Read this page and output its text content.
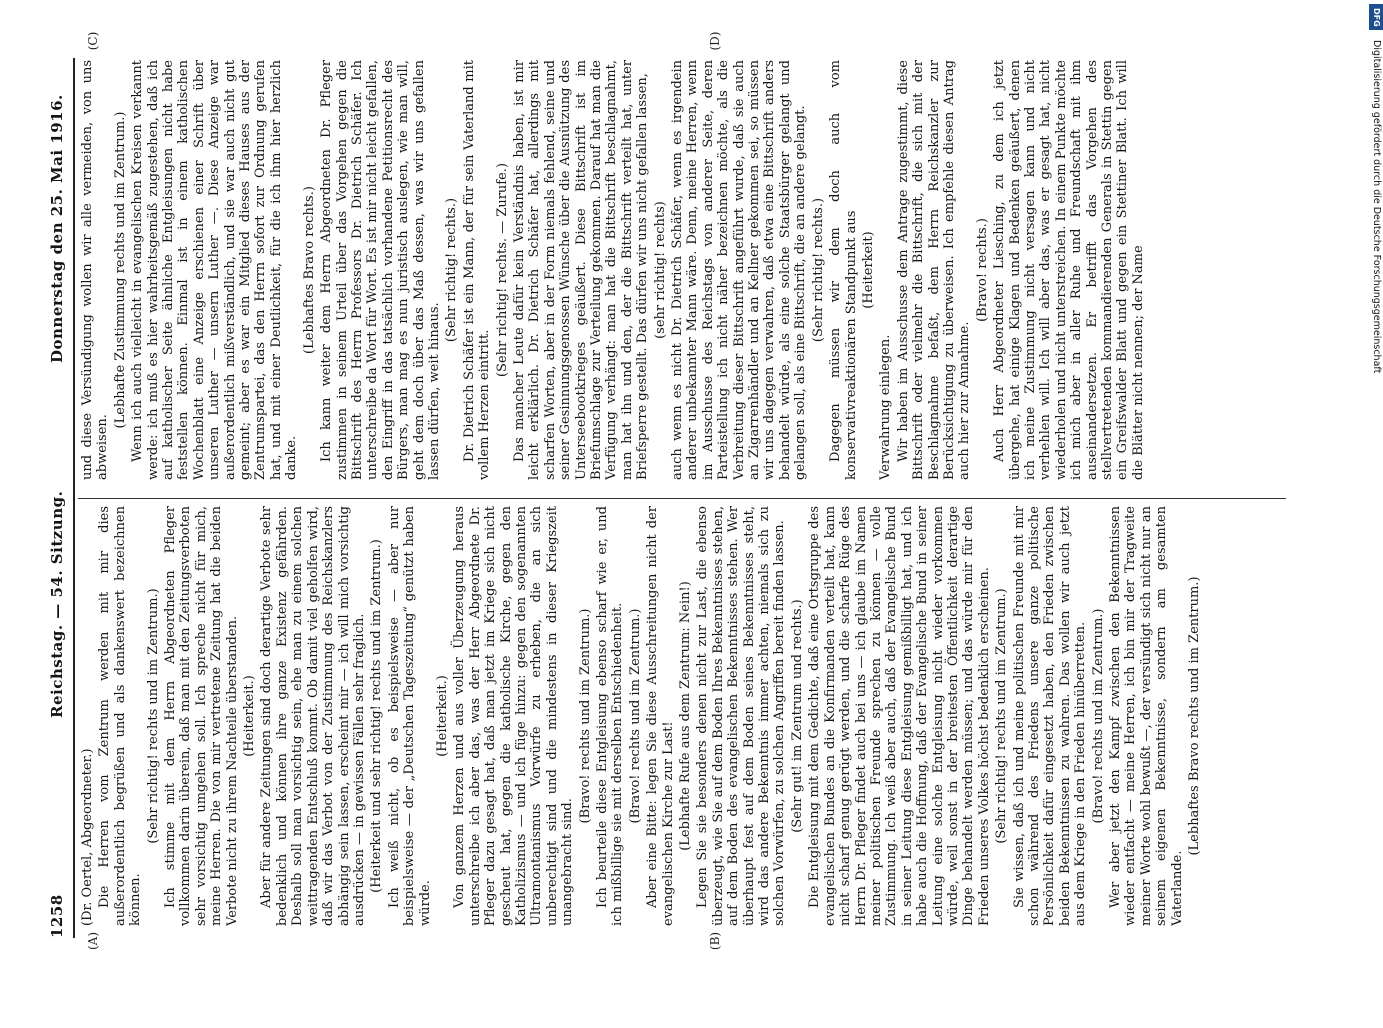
1258
Reichstag. — 54. Sitzung.
Donnerstag den 25. Mai 1916.
(A)	(B)
(C)	(D)

(Dr. Oertel, Abgeordneter.) Die Herren vom Zentrum werden mit mir dies außerordentlich begrüßen und als dankenswert bezeichnen können.

(Sehr richtig! rechts und im Zentrum.) Ich stimme mit dem Herrn Abgeordneten Pfleger vollkommen darin überein, daß man mit den Zeitungsverboten sehr vorsichtig umgehen soll. Ich spreche nicht für mich, meine Herren. Die von mir vertretene Zeitung hat die beiden Verbote nicht zu ihrem Nachteile überstanden. (Heiterkeit.) Aber für andere Zeitungen sind doch derartige Verbote sehr bedenklich und können ihre ganze Existenz gefährden. Deshalb soll man vorsichtig sein, ehe man zu einem solchen weittragenden Entschluß kommt. Ob damit viel geholfen wird, daß wir das Verbot von der Zustimmung des Reichskanzlers abhängig sein lassen, erscheint mir — ich will mich vorsichtig ausdrücken — in gewissen Fällen sehr fraglich. (Heiterkeit und sehr richtig! rechts und im Zentrum.) Ich weiß nicht, ob es beispielsweise — aber nur beispielsweise — der „Deutschen Tageszeitung“ genützt haben würde.

(Heiterkeit.) Von ganzem Herzen und aus voller Überzeugung heraus unterschreibe ich aber das, was der Herr Abgeordnete Dr. Pfleger dazu gesagt hat, daß man jetzt im Kriege sich nicht gescheut hat, gegen die katholische Kirche, gegen den Katholizismus — und ich füge hinzu: gegen den sogenannten Ultramontanismus Vorwürfe zu erheben, die an sich unberechtigt sind und die mindestens in dieser Kriegszeit unangebracht sind.

(Bravo! rechts und im Zentrum.) Ich beurteile diese Entgleisung ebenso scharf wie er, und ich mißbillige sie mit derselben Entschiedenheit. (Bravo! rechts und im Zentrum.) Aber eine Bitte: legen Sie diese Ausschreitungen nicht der evangelischen Kirche zur Last! (Lebhafte Rufe aus dem Zentrum: Nein!) Legen Sie sie besonders denen nicht zur Last, die ebenso überzeugt, wie Sie auf dem Boden Ihres Bekenntnisses stehen, auf dem Boden des evangelischen Bekenntnisses stehen. Wer überhaupt fest auf dem Boden seines Bekenntnisses steht, wird das andere Bekenntnis immer achten, niemals sich zu solchen Vorwürfen, zu solchen Angriffen bereit finden lassen. (Sehr gut! im Zentrum und rechts.) Die Entgleisung mit dem Gedichte, daß eine Ortsgruppe des evangelischen Bundes an die Konfirmanden verteilt hat, kann nicht scharf genug gerügt werden, und die scharfe Rüge des Herrn Dr. Pfleger findet auch bei uns — ich glaube im Namen meiner politischen Freunde sprechen zu können — volle Zustimmung. Ich weiß aber auch, daß der Evangelische Bund in seiner Leitung diese Entgleisung gemißbilligt hat, und ich habe auch die Hoffnung, daß der Evangelische Bund in seiner Leitung eine solche Entgleisung nicht wieder vorkommen würde, weil sonst in der breitesten Öffentlichkeit derartige Dinge behandelt werden müssen; und das würde mir für den Frieden unseres Volkes höchst bedenklich erscheinen. (Sehr richtig! rechts und im Zentrum.) Sie wissen, daß ich und meine politischen Freunde mit mir schon während des Friedens unsere ganze politische Persönlichkeit dafür eingesetzt haben, den Frieden zwischen beiden Bekenntnissen zu wahren. Das wollen wir auch jetzt aus dem Kriege in den Frieden hinüberretten. (Bravo! rechts und im Zentrum.) Wer aber jetzt den Kampf zwischen den Bekenntnissen wieder entfacht — meine Herren, ich bin mir der Tragweite meiner Worte wohl bewußt —, der versündigt sich nicht nur an seinem eigenen Bekenntnisse, sondern am gesamten Vaterlande.

(Lebhaftes Bravo rechts und im Zentrum.)

und diese Versündigung wollen wir alle vermeiden, von uns abweisen.

(Lebhafte Zustimmung rechts und im Zentrum.) Wenn ich auch vielleicht in evangelischen Kreisen verkannt werde: ich muß es hier wahrheitsgemäß zugestehen, daß ich auf katholischer Seite ähnliche Entgleisungen nicht habe feststellen können. Einmal ist in einem katholischen Wochenblatt eine Anzeige erschienen einer Schrift über unseren Luther — unsern Luther —. Diese Anzeige war außerordentlich mißverständlich, und sie war auch nicht gut gemeint; aber es war ein Mitglied dieses Hauses aus der Zentrumspartei, das den Herrn sofort zur Ordnung gerufen hat, und mit einer Deutlichkeit, für die ich ihm hier herzlich danke.

(Lebhaftes Bravo rechts.) Ich kann weiter dem Herrn Abgeordneten Dr. Pfleger zustimmen in seinem Urteil über das Vorgehen gegen die Bittschrift des Herrn Professors Dr. Dietrich Schäfer. Ich unterschreibe da Wort für Wort. Es ist mir nicht leicht gefallen, den Eingriff in das tatsächlich vorhandene Petitionsrecht des Bürgers, man mag es nun juristisch auslegen, wie man will, geht dem doch über das Maß dessen, was wir uns gefallen lassen dürfen, weit hinaus.

(Sehr richtig! rechts.) Dr. Dietrich Schäfer ist ein Mann, der für sein Vaterland mit vollem Herzen eintritt.

(Sehr richtig! rechts. — Zurufe.) Das mancher Leute dafür kein Verständnis haben, ist mir leicht erklärlich. Dr. Dietrich Schäfer hat, allerdings mit scharfen Worten, aber in der Form niemals fehlend, seine und seiner Gesinnungsgenossen Wünsche über die Ausnützung des Unterseebootkrieges geäußert. Diese Bittschrift ist im Briefumschlage zur Verteilung gekommen. Darauf hat man die Verfügung verhängt: man hat die Bittschrift beschlagnahmt, man hat ihn und den, der die Bittschrift verteilt hat, unter Briefsperre gestellt. Das dürfen wir uns nicht gefallen lassen, (sehr richtig! rechts) auch wenn es nicht Dr. Dietrich Schäfer, wenn es irgendein anderer unbekannter Mann wäre. Denn, meine Herren, wenn im Ausschusse des Reichstags von anderer Seite, deren Parteistellung ich nicht näher bezeichnen möchte, als die Verbreitung dieser Bittschrift angeführt wurde, daß sie auch an Zigarrenhändler und an Kellner gekommen sei, so müssen wir uns dagegen verwahren, daß etwa eine Bittschrift anders behandelt würde, als eine solche Staatsbürger gelangt und gelangen soll, als eine Bittschrift, die an andere gelangt. (Sehr richtig! rechts.) Dagegen müssen wir dem doch auch vom konservativreaktionären Standpunkt aus (Heiterkeit)

Verwahrung einlegen. Wir haben im Ausschusse dem Antrage zugestimmt, diese Bittschrift oder vielmehr die Bittschrift, die sich mit der Beschlagnahme befaßt, dem Herrn Reichskanzler zur Berücksichtigung zu überweisen. Ich empfehle diesen Antrag auch hier zur Annahme.

(Bravo! rechts.) Auch Herr Abgeordneter Liesching, zu dem ich jetzt übergehe, hat einige Klagen und Bedenken geäußert, denen ich meine Zustimmung nicht versagen kann und nicht verhehlen will. Ich will aber das, was er gesagt hat, nicht wiederholen und nicht unterstreichen. In einem Punkte möchte ich mich aber in aller Ruhe und Freundschaft mit ihm auseinandersetzen. Er betrifft das Vorgehen des stellvertretenden kommandierenden Generals in Stettin gegen ein Greifswalder Blatt und gegen ein Stettiner Blatt. Ich will die Blätter nicht nennen; der Name

DFG
Digitalisierung gefördert durch die Deutsche Forschungsgemeinschaft
